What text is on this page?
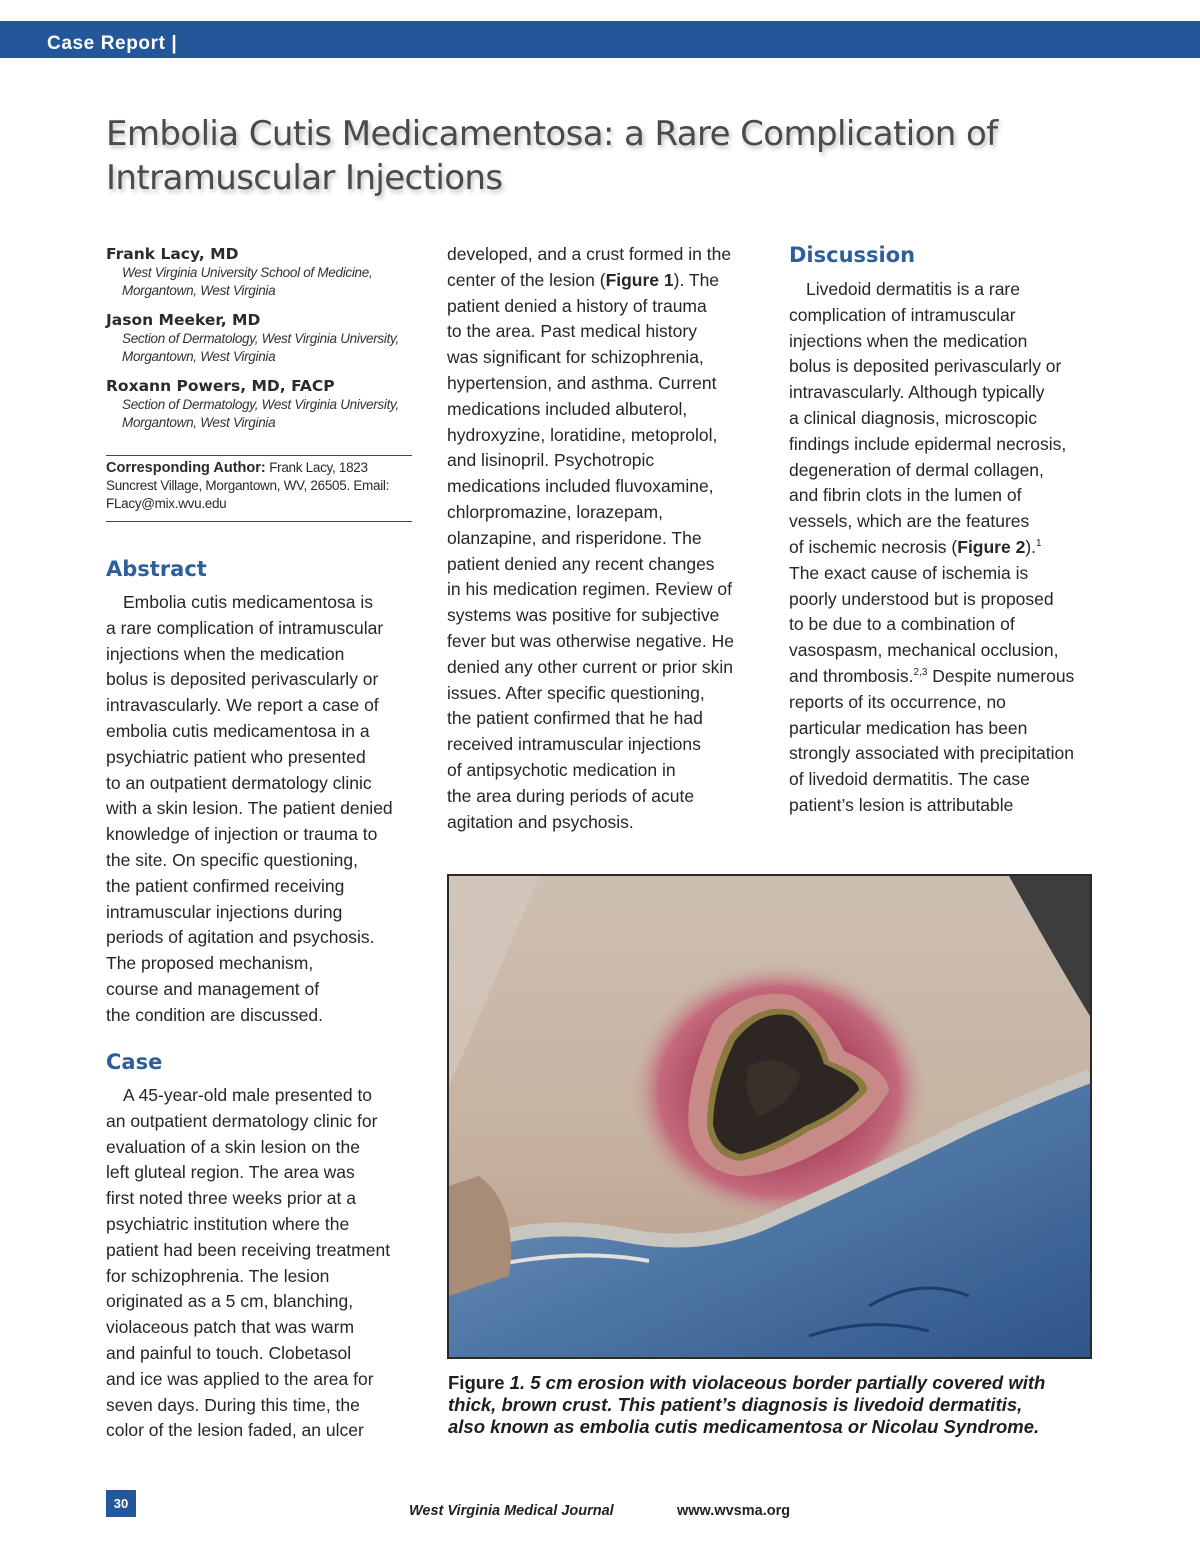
Case Report |
Embolia Cutis Medicamentosa: a Rare Complication of
Intramuscular Injections
Frank Lacy, MD
West Virginia University School of Medicine,
Morgantown, West Virginia
Jason Meeker, MD
Section of Dermatology, West Virginia University,
Morgantown, West Virginia
Roxann Powers, MD, FACP
Section of Dermatology, West Virginia University,
Morgantown, West Virginia
Corresponding Author: Frank Lacy, 1823
Suncrest Village, Morgantown, WV, 26505. Email:
FLacy@mix.wvu.edu
Abstract
Embolia cutis medicamentosa is
a rare complication of intramuscular
injections when the medication
bolus is deposited perivascularly or
intravascularly. We report a case of
embolia cutis medicamentosa in a
psychiatric patient who presented
to an outpatient dermatology clinic
with a skin lesion. The patient denied
knowledge of injection or trauma to
the site. On specific questioning,
the patient confirmed receiving
intramuscular injections during
periods of agitation and psychosis.
The proposed mechanism,
course and management of
the condition are discussed.
Case
A 45-year-old male presented to
an outpatient dermatology clinic for
evaluation of a skin lesion on the
left gluteal region. The area was
first noted three weeks prior at a
psychiatric institution where the
patient had been receiving treatment
for schizophrenia. The lesion
originated as a 5 cm, blanching,
violaceous patch that was warm
and painful to touch. Clobetasol
and ice was applied to the area for
seven days. During this time, the
color of the lesion faded, an ulcer
developed, and a crust formed in the
center of the lesion (Figure 1). The
patient denied a history of trauma
to the area. Past medical history
was significant for schizophrenia,
hypertension, and asthma. Current
medications included albuterol,
hydroxyzine, loratidine, metoprolol,
and lisinopril. Psychotropic
medications included fluvoxamine,
chlorpromazine, lorazepam,
olanzapine, and risperidone. The
patient denied any recent changes
in his medication regimen. Review of
systems was positive for subjective
fever but was otherwise negative. He
denied any other current or prior skin
issues. After specific questioning,
the patient confirmed that he had
received intramuscular injections
of antipsychotic medication in
the area during periods of acute
agitation and psychosis.
Discussion
Livedoid dermatitis is a rare
complication of intramuscular
injections when the medication
bolus is deposited perivascularly or
intravascularly. Although typically
a clinical diagnosis, microscopic
findings include epidermal necrosis,
degeneration of dermal collagen,
and fibrin clots in the lumen of
vessels, which are the features
of ischemic necrosis (Figure 2).$^1$
The exact cause of ischemia is
poorly understood but is proposed
to be due to a combination of
vasospasm, mechanical occlusion,
and thrombosis.$^{2,3}$ Despite numerous
reports of its occurrence, no
particular medication has been
strongly associated with precipitation
of livedoid dermatitis. The case
patient’s lesion is attributable
Figure 1. 5 cm erosion with violaceous border partially covered with
thick, brown crust. This patient’s diagnosis is livedoid dermatitis,
also known as embolia cutis medicamentosa or Nicolau Syndrome.
30	West Virginia Medical Journal	www.wvsma.org
